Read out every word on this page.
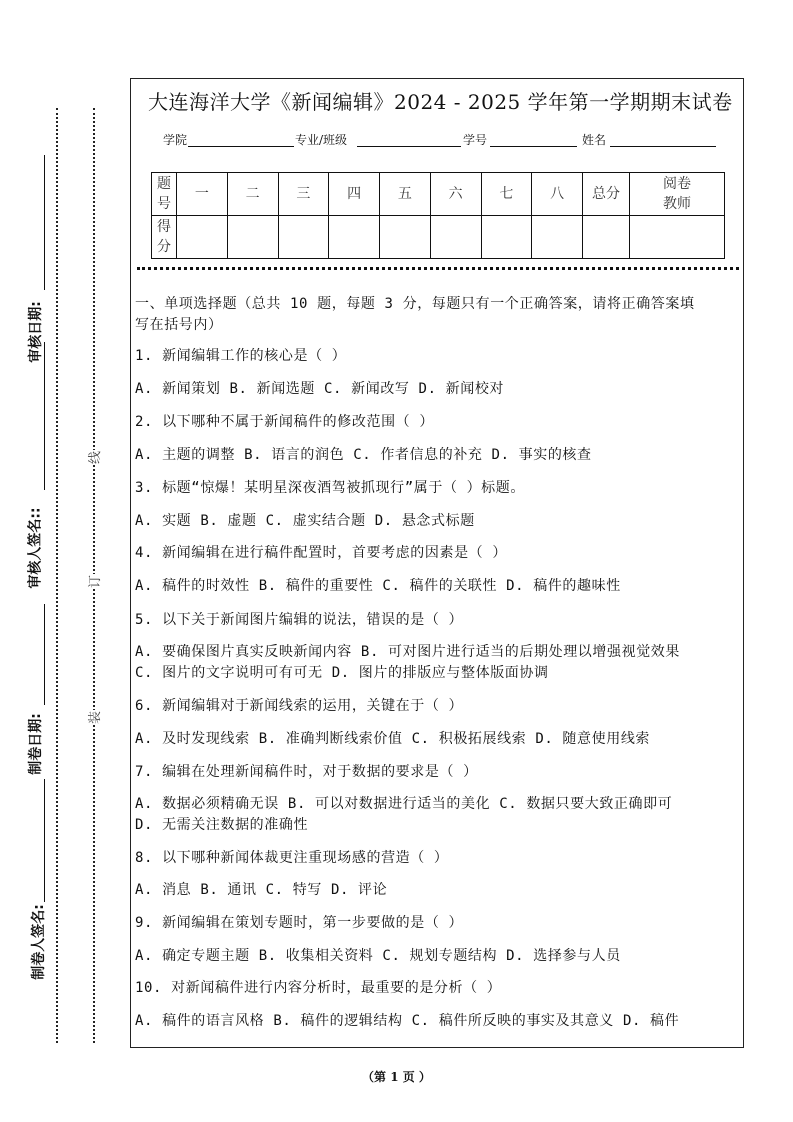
审核日期:
审核人签名::
制卷日期:
制卷人签名:
线
订
装
大连海洋大学《新闻编辑》2024 - 2025 学年第一学期期末试卷
学院	专业/班级	学号	姓名
题
号	一	二	三	四	五	六	七	八	总分	阅卷
教师
得
分										
一、单项选择题（总共 10 题，每题 3 分，每题只有一个正确答案，请将正确答案填
写在括号内）
1. 新闻编辑工作的核心是（ ）
A. 新闻策划 B. 新闻选题 C. 新闻改写 D. 新闻校对
2. 以下哪种不属于新闻稿件的修改范围（ ）
A. 主题的调整 B. 语言的润色 C. 作者信息的补充 D. 事实的核查
3. 标题“惊爆！某明星深夜酒驾被抓现行”属于（ ）标题。
A. 实题 B. 虚题 C. 虚实结合题 D. 悬念式标题
4. 新闻编辑在进行稿件配置时，首要考虑的因素是（ ）
A. 稿件的时效性 B. 稿件的重要性 C. 稿件的关联性 D. 稿件的趣味性
5. 以下关于新闻图片编辑的说法，错误的是（ ）
A. 要确保图片真实反映新闻内容 B. 可对图片进行适当的后期处理以增强视觉效果
C. 图片的文字说明可有可无 D. 图片的排版应与整体版面协调
6. 新闻编辑对于新闻线索的运用，关键在于（ ）
A. 及时发现线索 B. 准确判断线索价值 C. 积极拓展线索 D. 随意使用线索
7. 编辑在处理新闻稿件时，对于数据的要求是（ ）
A. 数据必须精确无误 B. 可以对数据进行适当的美化 C. 数据只要大致正确即可
D. 无需关注数据的准确性
8. 以下哪种新闻体裁更注重现场感的营造（ ）
A. 消息 B. 通讯 C. 特写 D. 评论
9. 新闻编辑在策划专题时，第一步要做的是（ ）
A. 确定专题主题 B. 收集相关资料 C. 规划专题结构 D. 选择参与人员
10. 对新闻稿件进行内容分析时，最重要的是分析（ ）
A. 稿件的语言风格 B. 稿件的逻辑结构 C. 稿件所反映的事实及其意义 D. 稿件
（第 1 页 ）
